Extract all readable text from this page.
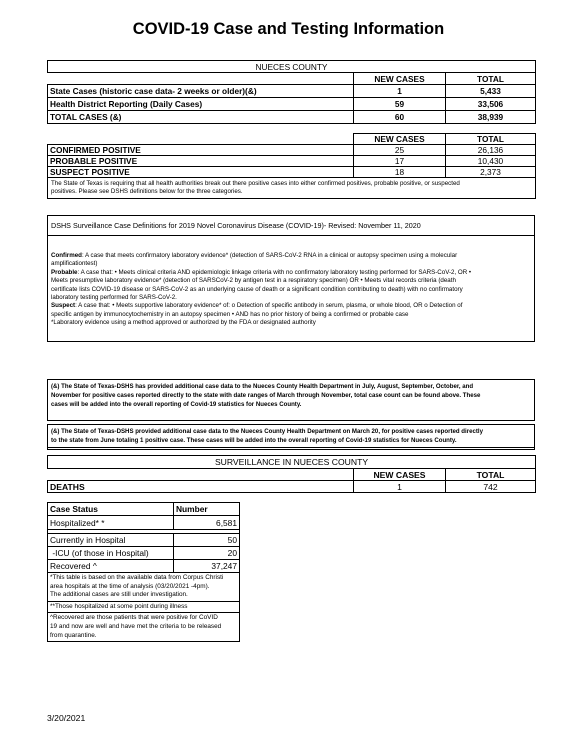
COVID-19 Case and Testing Information
NUECES COUNTY		
	NEW CASES	TOTAL
State Cases (historic case data- 2 weeks or older)(&)	1	5,433
Health District Reporting (Daily Cases)	59	33,506
TOTAL CASES (&)	60	38,939
	NEW CASES	TOTAL
CONFIRMED POSITIVE	25	26,136
PROBABLE POSITIVE	17	10,430
SUSPECT POSITIVE	18	2,373

The State of Texas is requiring that all health authorities break out there positive cases into either confirmed positives, probable positive, or suspected
positives. Please see DSHS definitions below for the three categories.		
DSHS Surveillance Case Definitions for 2019 Novel Coronavirus Disease (COVID-19)- Revised: November 11, 2020
Confirmed: A case that meets confirmatory laboratory evidence* (detection of SARS-CoV-2 RNA in a clinical or autopsy specimen using a molecular
amplificationtest)
Probable: A case that: • Meets clinical criteria AND epidemiologic linkage criteria with no confirmatory laboratory testing performed for SARS-CoV-2, OR •
Meets presumptive laboratory evidence* (detection of SARSCoV-2 by antigen test in a respiratory specimen) OR • Meets vital records criteria (death
certificate lists COVID-19 disease or SARS-CoV-2 as an underlying cause of death or a significant condition contributing to death) with no confirmatory
laboratory testing performed for SARS-CoV-2.
Suspect: A case that: • Meets supportive laboratory evidence* of: o Detection of specific antibody in serum, plasma, or whole blood, OR o Detection of
specific antigen by immunocytochemistry in an autopsy specimen • AND has no prior history of being a confirmed or probable case
*Laboratory evidence using a method approved or authorized by the FDA or designated authority
(&) The State of Texas-DSHS has provided additional case data to the Nueces County Health Department in July, August, September, October, and
November for positive cases reported directly to the state with date ranges of March through November, total case count can be found above. These
cases will be added into the overall reporting of Covid-19 statistics for Nueces County.
(&) The State of Texas-DSHS provided additional case data to the Nueces County Health Department on March 20, for positive cases reported directly
to the state from June totaling 1 positive case. These cases will be added into the overall reporting of Covid-19 statistics for Nueces County.
SURVEILLANCE IN NUECES COUNTY		
	NEW CASES	TOTAL
DEATHS	1	742
Case Status	Number
Hospitalized* *	6,581

Currently in Hospital	50
-ICU (of those in Hospital)	20
Recovered ^	37,247

*This table is based on the available data from Corpus Christi
area hospitals at the time of analysis (03/20/2021 -4pm).
The additional cases are still under investigation.	

**Those hospitalized at some point during illness	

^Recovered are those patients that were positive for CoVID
19 and now are well and have met the criteria to be released
from quarantine.	
3/20/2021
